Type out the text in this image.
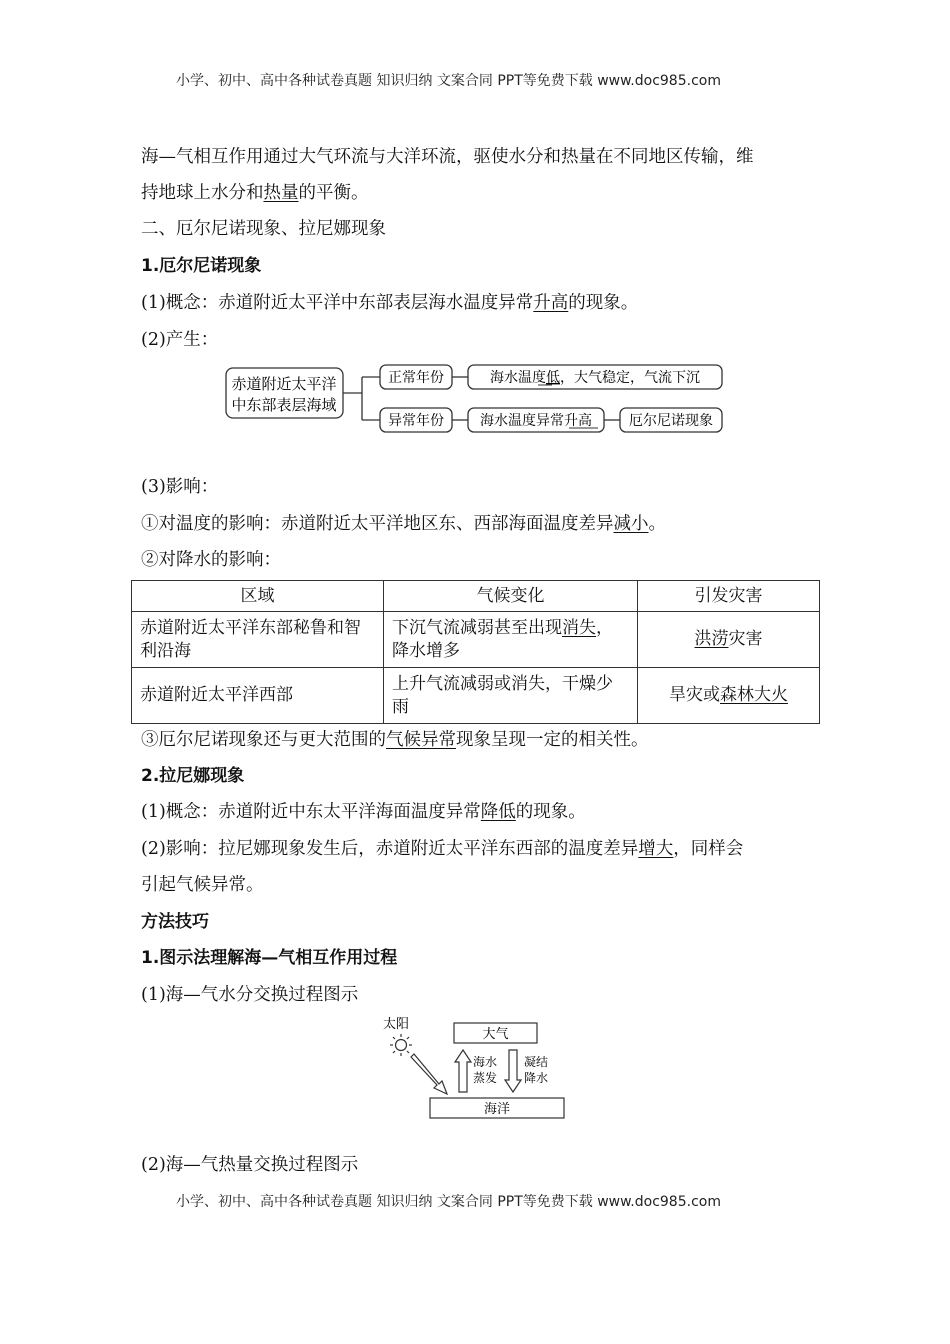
小学、初中、高中各种试卷真题 知识归纳 文案合同 PPT等免费下载 www.doc985.com
海—气相互作用通过大气环流与大洋环流，驱使水分和热量在不同地区传输，维
持地球上水分和热量的平衡。
二、厄尔尼诺现象、拉尼娜现象
1.厄尔尼诺现象
(1)概念：赤道附近太平洋中东部表层海水温度异常升高的现象。
(2)产生：
赤道附近太平洋
中东部表层海域
正常年份	海水温度低，大气稳定，气流下沉
异常年份	海水温度异常升高	厄尔尼诺现象
(3)影响：
①对温度的影响：赤道附近太平洋地区东、西部海面温度差异减小。
②对降水的影响：
区域	气候变化	引发灾害
赤道附近太平洋东部秘鲁和智利沿海	下沉气流减弱甚至出现消失，降水增多	洪涝灾害
赤道附近太平洋西部	上升气流减弱或消失，干燥少雨	旱灾或森林大火
③厄尔尼诺现象还与更大范围的气候异常现象呈现一定的相关性。
2.拉尼娜现象
(1)概念：赤道附近中东太平洋海面温度异常降低的现象。
(2)影响：拉尼娜现象发生后，赤道附近太平洋东西部的温度差异增大，同样会
引起气候异常。
方法技巧
1.图示法理解海—气相互作用过程
(1)海—气水分交换过程图示
太阳
大气
海水
蒸发
凝结
降水
海洋
(2)海—气热量交换过程图示
小学、初中、高中各种试卷真题 知识归纳 文案合同 PPT等免费下载 www.doc985.com
